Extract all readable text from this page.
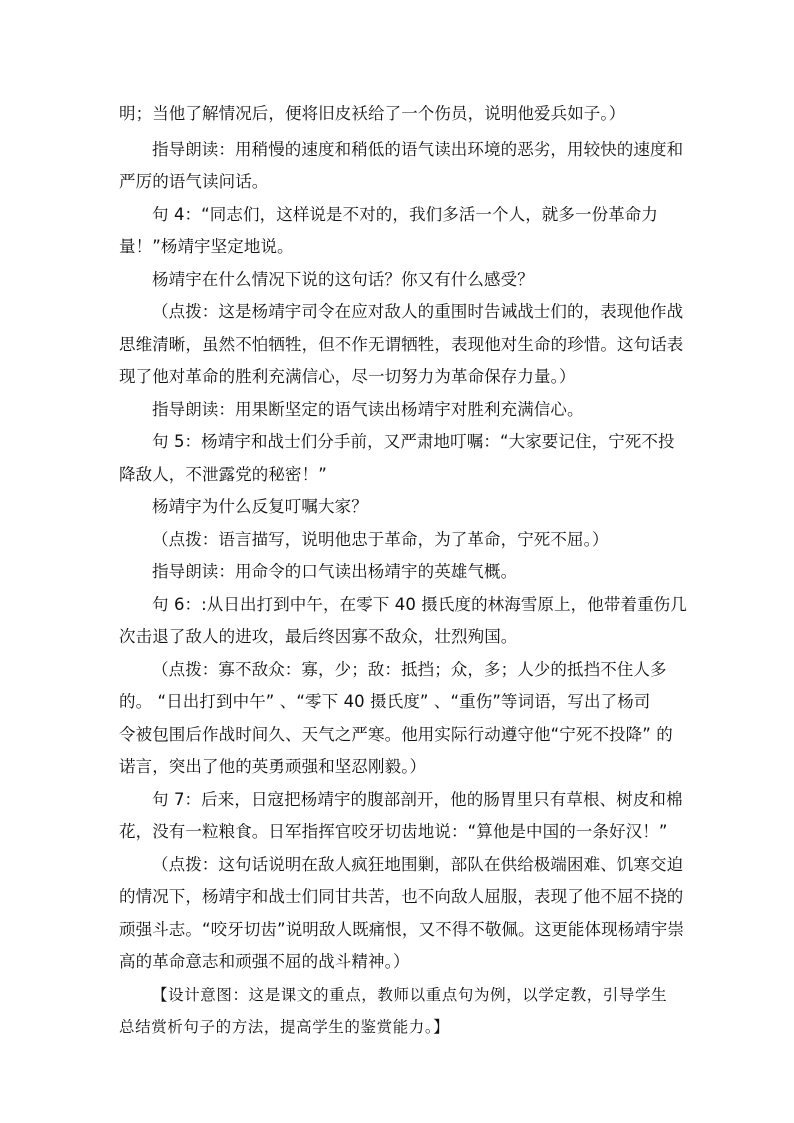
明；当他了解情况后，便将旧皮袄给了一个伤员，说明他爱兵如子。）
指导朗读：用稍慢的速度和稍低的语气读出环境的恶劣，用较快的速度和
严厉的语气读问话。
句 4：“同志们，这样说是不对的，我们多活一个人，就多一份革命力
量！”杨靖宇坚定地说。
杨靖宇在什么情况下说的这句话？你又有什么感受？
（点拨：这是杨靖宇司令在应对敌人的重围时告诫战士们的，表现他作战
思维清晰，虽然不怕牺牲，但不作无谓牺牲，表现他对生命的珍惜。这句话表
现了他对革命的胜利充满信心，尽一切努力为革命保存力量。）
指导朗读：用果断坚定的语气读出杨靖宇对胜利充满信心。
句 5：杨靖宇和战士们分手前，又严肃地叮嘱：“大家要记住，宁死不投
降敌人，不泄露党的秘密！”
杨靖宇为什么反复叮嘱大家？
（点拨：语言描写，说明他忠于革命，为了革命，宁死不屈。）
指导朗读：用命令的口气读出杨靖宇的英雄气概。
句 6：:从日出打到中午，在零下 40 摄氏度的林海雪原上，他带着重伤几
次击退了敌人的进攻，最后终因寡不敌众，壮烈殉国。
（点拨：寡不敌众：寡，少；敌：抵挡；众，多；人少的抵挡不住人多
的。 “日出打到中午” 、“零下 40 摄氏度” 、“重伤”等词语，写出了杨司
令被包围后作战时间久、天气之严寒。他用实际行动遵守他“宁死不投降” 的
诺言，突出了他的英勇顽强和坚忍刚毅。）
句 7：后来，日寇把杨靖宇的腹部剖开，他的肠胃里只有草根、树皮和棉
花，没有一粒粮食。日军指挥官咬牙切齿地说：“算他是中国的一条好汉！”
（点拨：这句话说明在敌人疯狂地围剿，部队在供给极端困难、饥寒交迫
的情况下，杨靖宇和战士们同甘共苦，也不向敌人屈服，表现了他不屈不挠的
顽强斗志。“咬牙切齿”说明敌人既痛恨，又不得不敬佩。这更能体现杨靖宇崇
高的革命意志和顽强不屈的战斗精神。）
【设计意图：这是课文的重点，教师以重点句为例，以学定教，引导学生
总结赏析句子的方法，提高学生的鉴赏能力。】
